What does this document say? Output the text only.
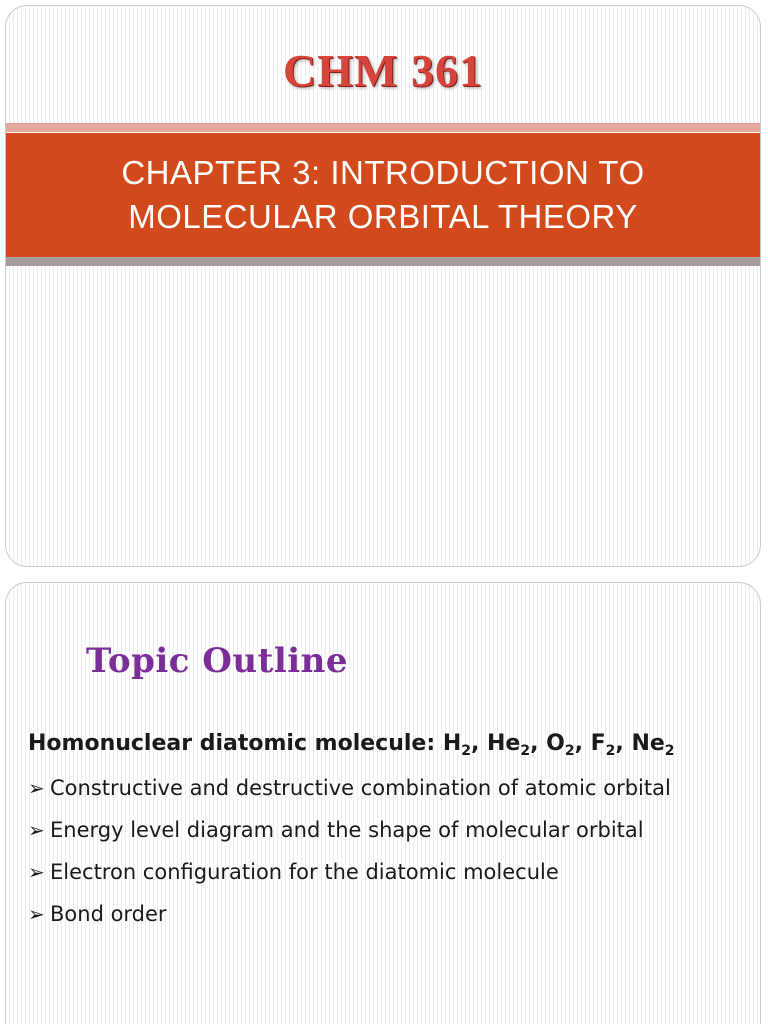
CHM 361
CHAPTER 3: INTRODUCTION TO
MOLECULAR ORBITAL THEORY
Topic Outline
Homonuclear diatomic molecule: $H_2$, $He_2$, $O_2$, $F_2$, $Ne_2$
➢ Constructive and destructive combination of atomic orbital
➢ Energy level diagram and the shape of molecular orbital
➢ Electron configuration for the diatomic molecule
➢ Bond order
